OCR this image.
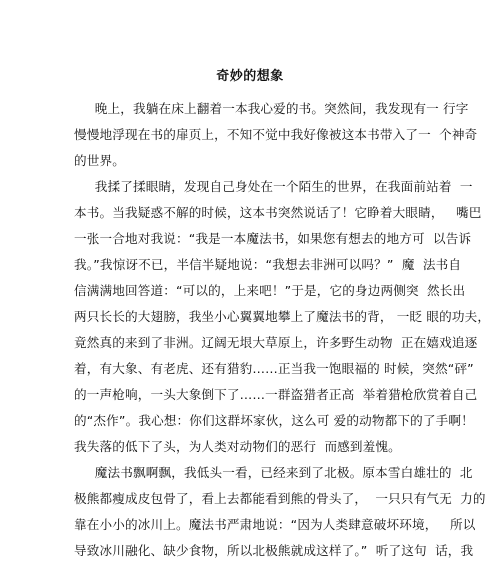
奇妙的想象
晚上，我躺在床上翻着一本我心爱的书。突然间，我发现有一 行字
慢慢地浮现在书的扉页上，不知不觉中我好像被这本书带入了一  个神奇
的世界。
我揉了揉眼睛，发现自己身处在一个陌生的世界，在我面前站着  一
本书。当我疑惑不解的时候，这本书突然说话了！它睁着大眼睛，   嘴巴
一张一合地对我说：“我是一本魔法书，如果您有想去的地方可  以告诉
我。”我惊讶不已，半信半疑地说：“我想去非洲可以吗？”  魔  法书自
信满满地回答道：“可以的，上来吧！”于是，它的身边两侧突  然长出
两只长长的大翅膀，我坐小心翼翼地攀上了魔法书的背， 一眨 眼的功夫，
竟然真的来到了非洲。辽阔无垠大草原上，许多野生动物  正在嬉戏追逐
着，有大象、有老虎、还有猎豹……正当我一饱眼福的 时候，突然“砰”
的一声枪响，一头大象倒下了……一群盗猎者正高  举着猎枪欣赏着自己
的“杰作”。我心想：你们这群坏家伙，这么可 爱的动物都下的了手啊！
我失落的低下了头，为人类对动物们的恶行  而感到羞愧。
魔法书飘啊飘，我低头一看，已经来到了北极。原本雪白雄壮的  北
极熊都瘦成皮包骨了，看上去都能看到熊的骨头了，  一只只有气无  力的
靠在小小的冰川上。魔法书严肃地说：“因为人类肆意破坏环境，   所以
导致冰川融化、缺少食物，所以北极熊就成这样了。”  听了这句  话，我
